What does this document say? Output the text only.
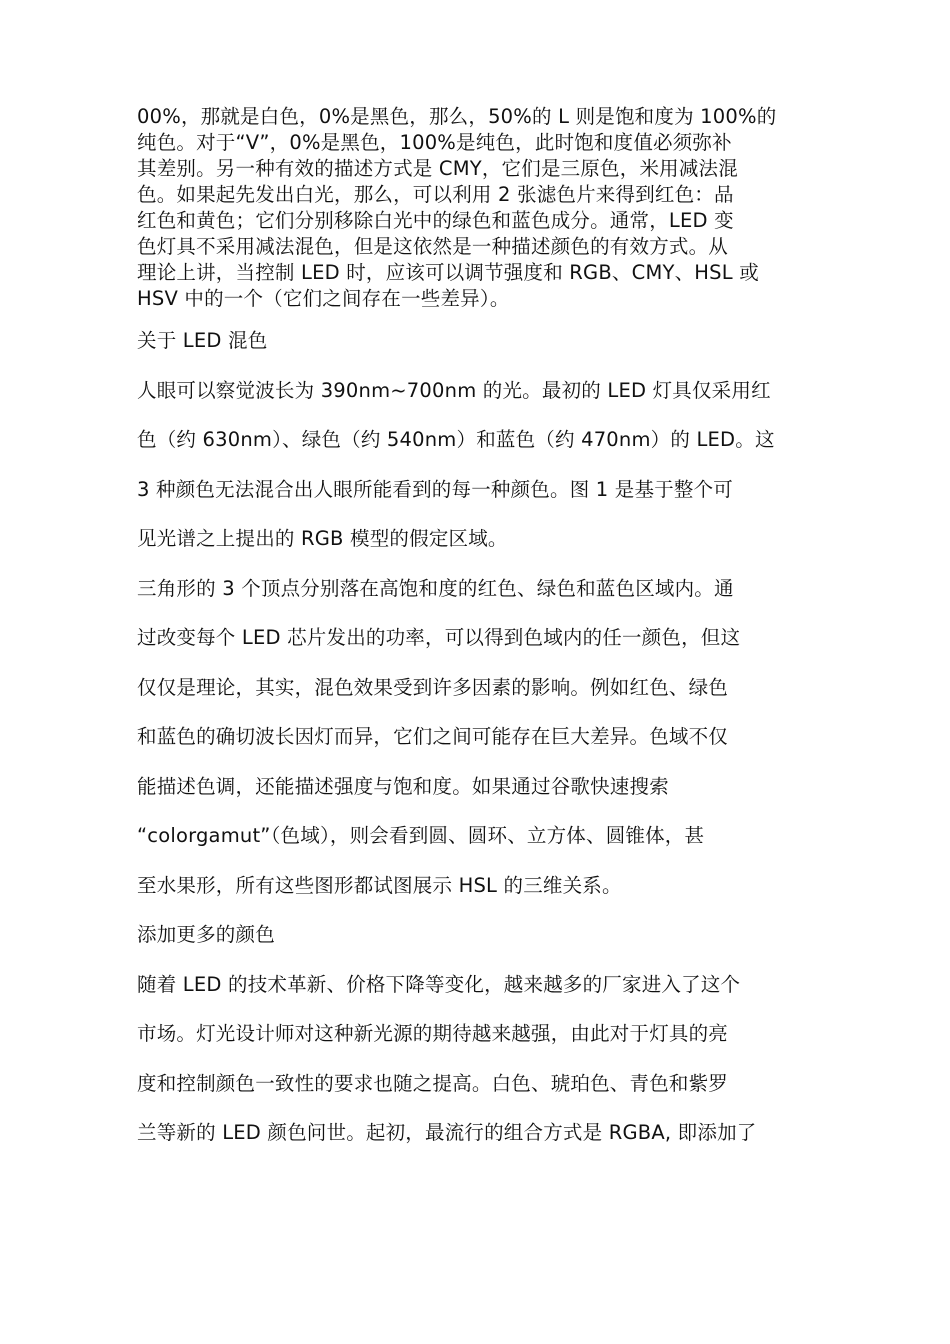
00%，那就是白色，0%是黑色，那么，50%的 L 则是饱和度为 100%的

纯色。对于“V”，0%是黑色，100%是纯色，此时饱和度值必须弥补

其差别。另一种有效的描述方式是 CMY，它们是三原色，米用减法混

色。如果起先发出白光，那么，可以利用 2 张滤色片来得到红色：品

红色和黄色；它们分别移除白光中的绿色和蓝色成分。通常，LED 变

色灯具不采用减法混色，但是这依然是一种描述颜色的有效方式。从

理论上讲，当控制 LED 时，应该可以调节强度和 RGB、CMY、HSL 或

HSV 中的一个（它们之间存在一些差异）。

关于 LED 混色

人眼可以察觉波长为 390nm~700nm 的光。最初的 LED 灯具仅采用红

色（约 630nm）、绿色（约 540nm）和蓝色（约 470nm）的 LED。这

3 种颜色无法混合出人眼所能看到的每一种颜色。图 1 是基于整个可

见光谱之上提出的 RGB 模型的假定区域。

三角形的 3 个顶点分别落在高饱和度的红色、绿色和蓝色区域内。通

过改变每个 LED 芯片发出的功率，可以得到色域内的任一颜色，但这

仅仅是理论，其实，混色效果受到许多因素的影响。例如红色、绿色

和蓝色的确切波长因灯而异，它们之间可能存在巨大差异。色域不仅

能描述色调，还能描述强度与饱和度。如果通过谷歌快速搜索

“colorgamut”（色域），则会看到圆、圆环、立方体、圆锥体，甚

至水果形，所有这些图形都试图展示 HSL 的三维关系。

添加更多的颜色

随着 LED 的技术革新、价格下降等变化，越来越多的厂家进入了这个

市场。灯光设计师对这种新光源的期待越来越强，由此对于灯具的亮

度和控制颜色一致性的要求也随之提高。白色、琥珀色、青色和紫罗

兰等新的 LED 颜色问世。起初，最流行的组合方式是 RGBA, 即添加了
